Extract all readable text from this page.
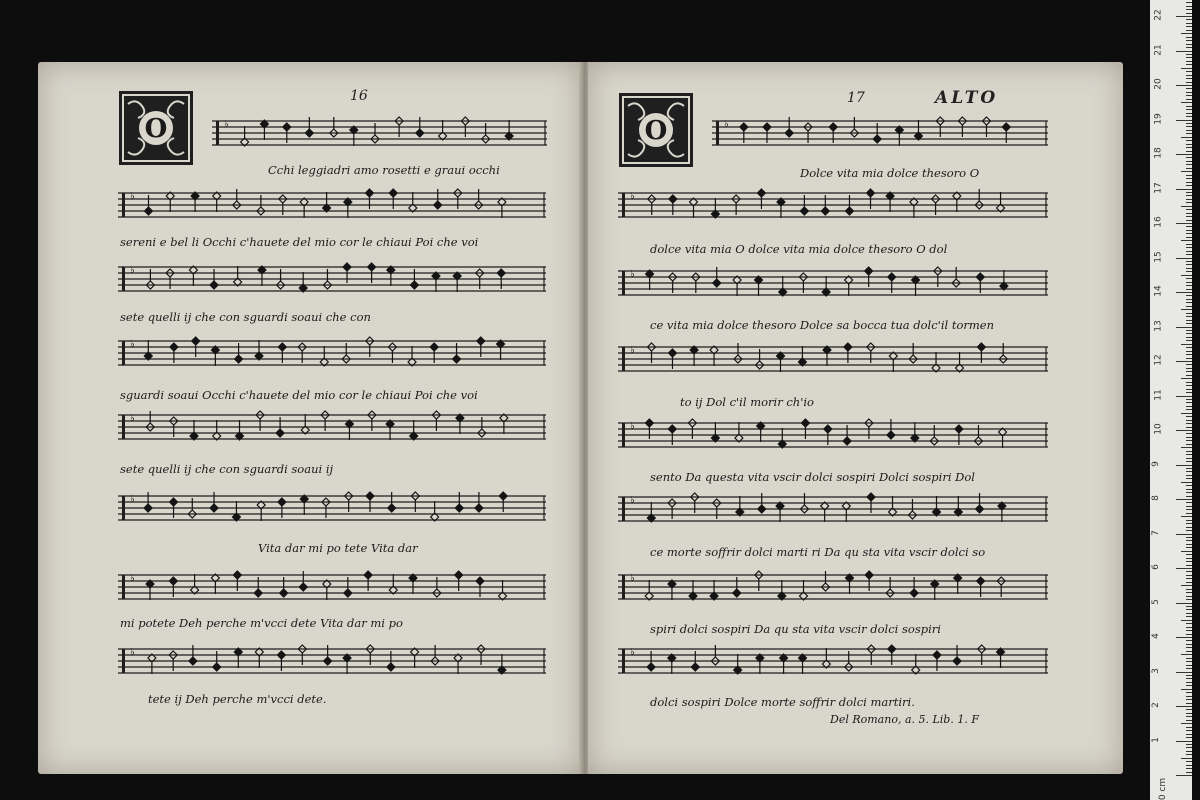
16	17	ALTO
O	O
♭
♭
♭
♭
♭
♭
♭
♭
Cchi leggiadri amo rosetti e graui occhi
sereni e bel li Occhi c'hauete del mio cor le chiaui Poi che voi
sete quelli ij che con sguardi soaui che con
sguardi soaui Occhi c'hauete del mio cor le chiaui Poi che voi
sete quelli ij che con sguardi soaui ij
Vita dar mi po tete Vita dar
mi potete Deh perche m'vcci dete Vita dar mi po
tete ij Deh perche m'vcci dete.
♭
♭
♭
♭
♭
♭
♭
♭
Dolce vita mia dolce thesoro O
dolce vita mia O dolce vita mia dolce thesoro O dol
ce vita mia dolce thesoro Dolce sa bocca tua dolc'il tormen
to ij Dol c'il morir ch'io
sento Da questa vita vscir dolci sospiri Dolci sospiri Dol
ce morte soffrir dolci marti ri Da qu sta vita vscir dolci so
spiri dolci sospiri Da qu sta vita vscir dolci sospiri
dolci sospiri Dolce morte soffrir dolci martiri.
Del Romano, a. 5. Lib. 1. F
0 cm
1
2
3
4
5
6
7
8
9
10
11
12
13
14
15
16
17
18
19
20
21
22
